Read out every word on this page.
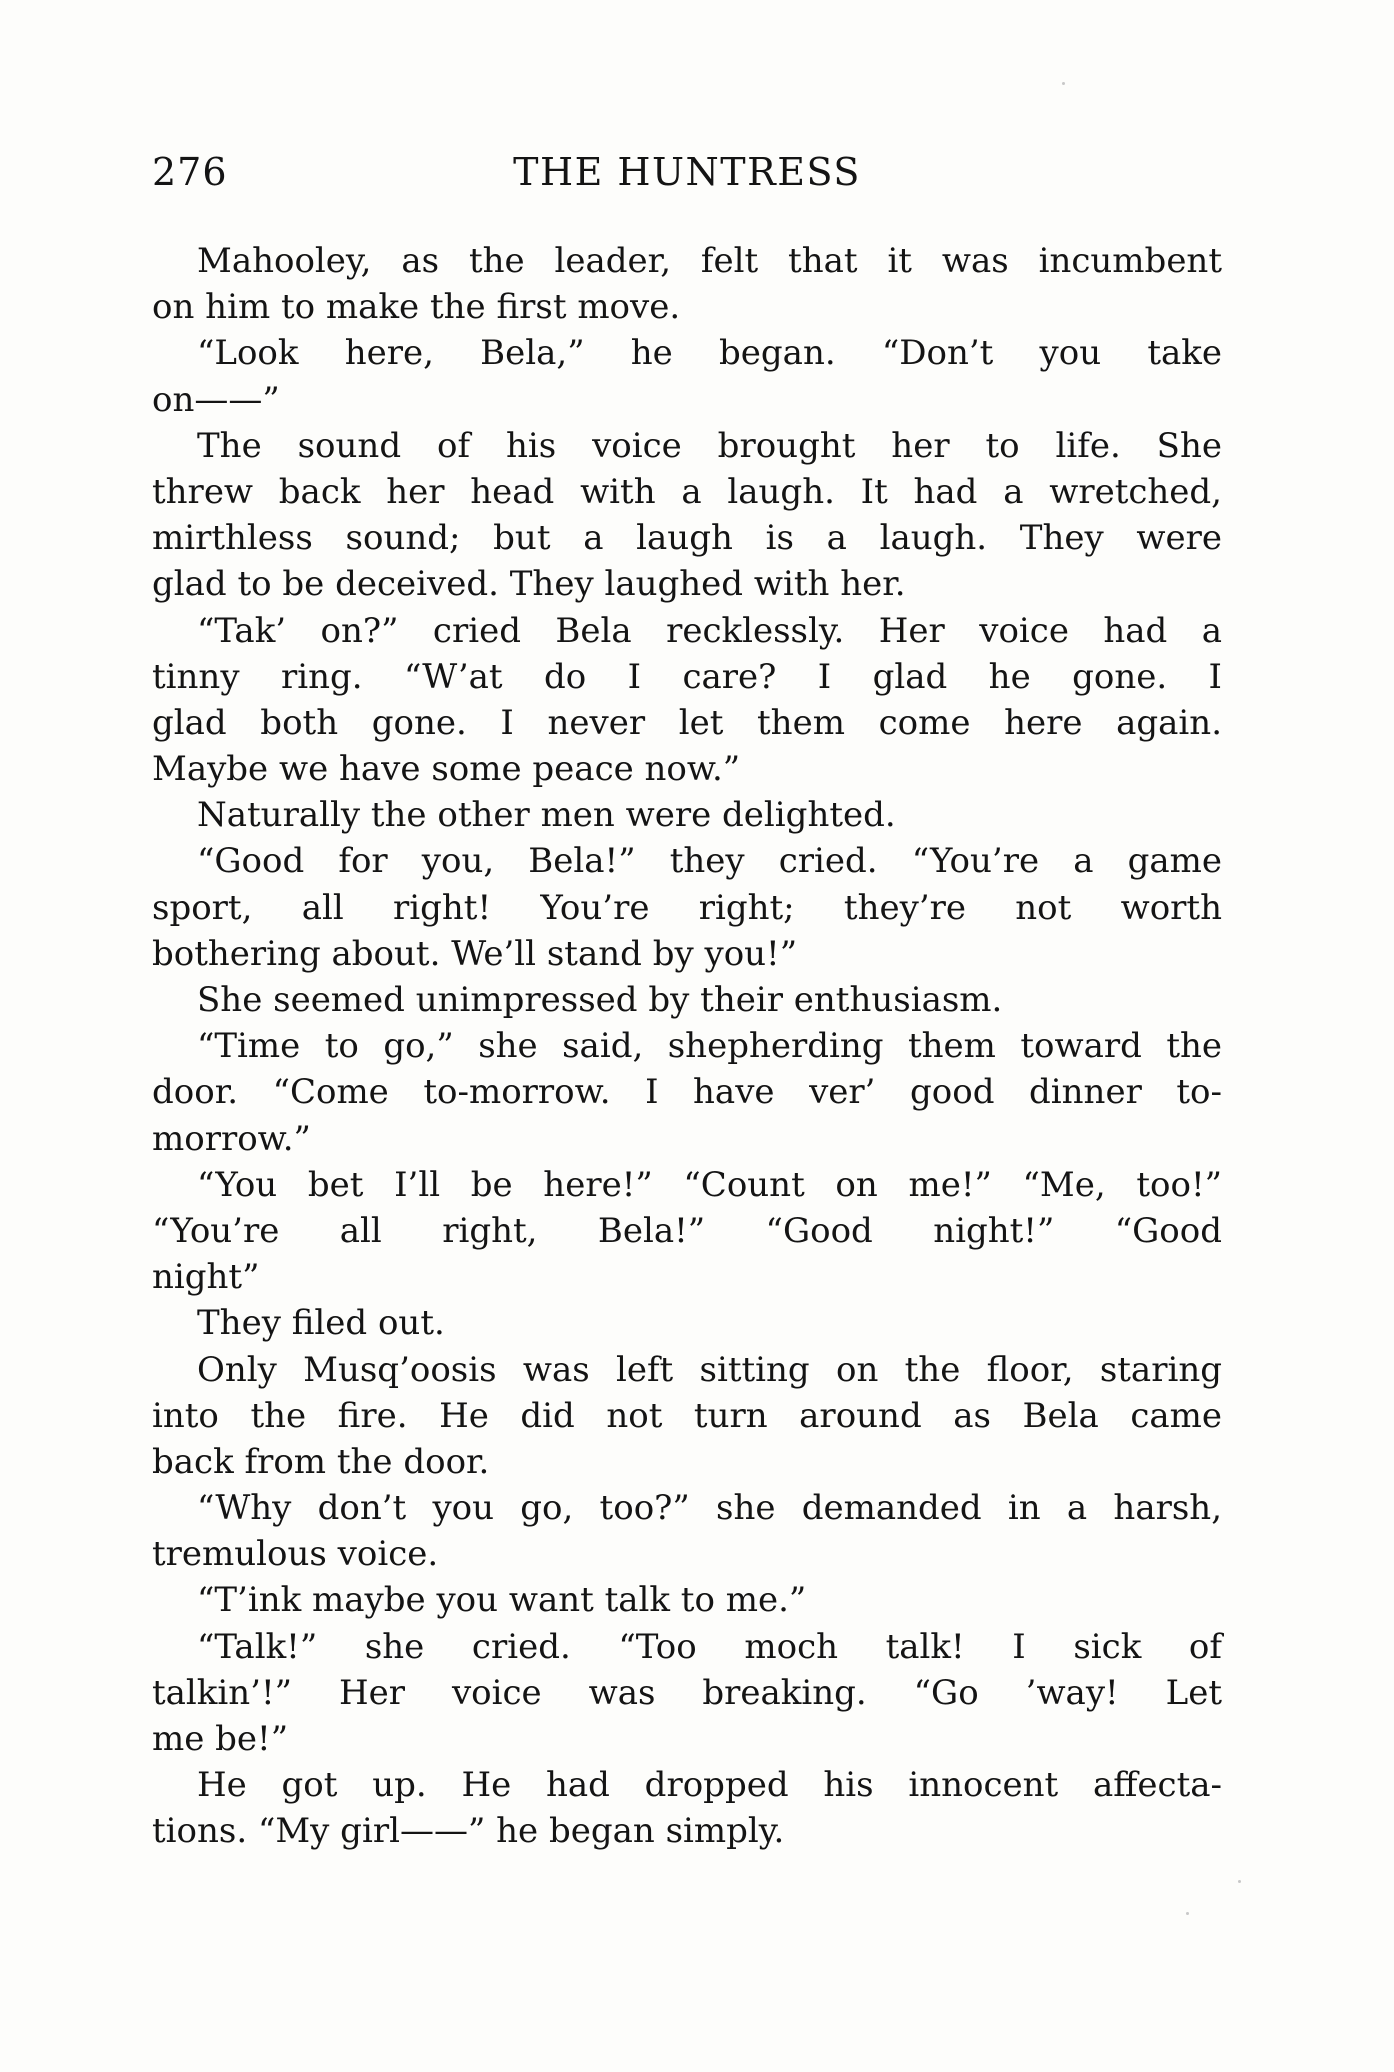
276	THE HUNTRESS
Mahooley, as the leader, felt that it was incumbent
on him to make the first move.
“Look here, Bela,” he began. “Don’t you take
on——”
The sound of his voice brought her to life. She
threw back her head with a laugh. It had a wretched,
mirthless sound; but a laugh is a laugh. They were
glad to be deceived. They laughed with her.
“Tak’ on?” cried Bela recklessly. Her voice had a
tinny ring. “W’at do I care? I glad he gone. I
glad both gone. I never let them come here again.
Maybe we have some peace now.”
Naturally the other men were delighted.
“Good for you, Bela!” they cried. “You’re a game
sport, all right! You’re right; they’re not worth
bothering about. We’ll stand by you!”
She seemed unimpressed by their enthusiasm.
“Time to go,” she said, shepherding them toward the
door. “Come to-morrow. I have ver’ good dinner to-
morrow.”
“You bet I’ll be here!” “Count on me!” “Me, too!”
“You’re all right, Bela!” “Good night!” “Good
night”
They filed out.
Only Musq’oosis was left sitting on the floor, staring
into the fire. He did not turn around as Bela came
back from the door.
“Why don’t you go, too?” she demanded in a harsh,
tremulous voice.
“T’ink maybe you want talk to me.”
“Talk!” she cried. “Too moch talk! I sick of
talkin’!” Her voice was breaking. “Go ’way! Let
me be!”
He got up. He had dropped his innocent affecta-
tions. “My girl——” he began simply.
